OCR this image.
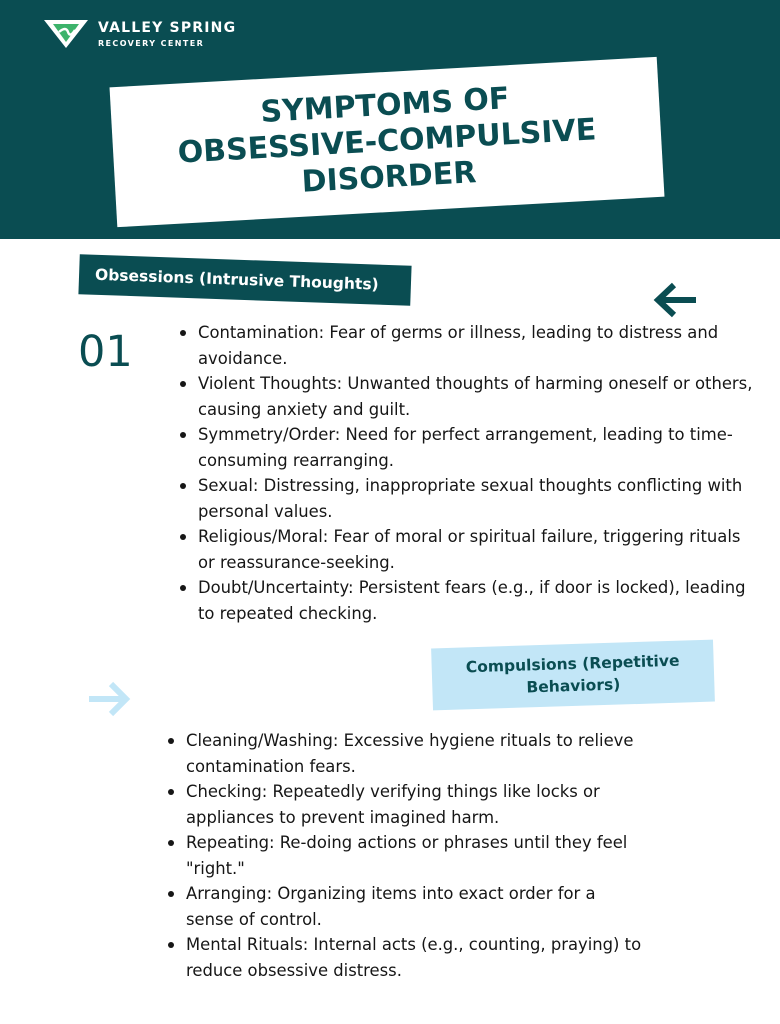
VALLEY SPRING
RECOVERY CENTER
SYMPTOMS OF OBSESSIVE-COMPULSIVE DISORDER
Obsessions (Intrusive Thoughts)
01	Contamination: Fear of germs or illness, leading to distress and avoidance.
Violent Thoughts: Unwanted thoughts of harming oneself or others, causing anxiety and guilt.
Symmetry/Order: Need for perfect arrangement, leading to time-consuming rearranging.
Sexual: Distressing, inappropriate sexual thoughts conflicting with personal values.
Religious/Moral: Fear of moral or spiritual failure, triggering rituals or reassurance-seeking.
Doubt/Uncertainty: Persistent fears (e.g., if door is locked), leading to repeated checking.
Compulsions (Repetitive Behaviors)
Cleaning/Washing: Excessive hygiene rituals to relieve contamination fears.
Checking: Repeatedly verifying things like locks or appliances to prevent imagined harm.
Repeating: Re-doing actions or phrases until they feel "right."
Arranging: Organizing items into exact order for a sense of control.
Mental Rituals: Internal acts (e.g., counting, praying) to reduce obsessive distress.
